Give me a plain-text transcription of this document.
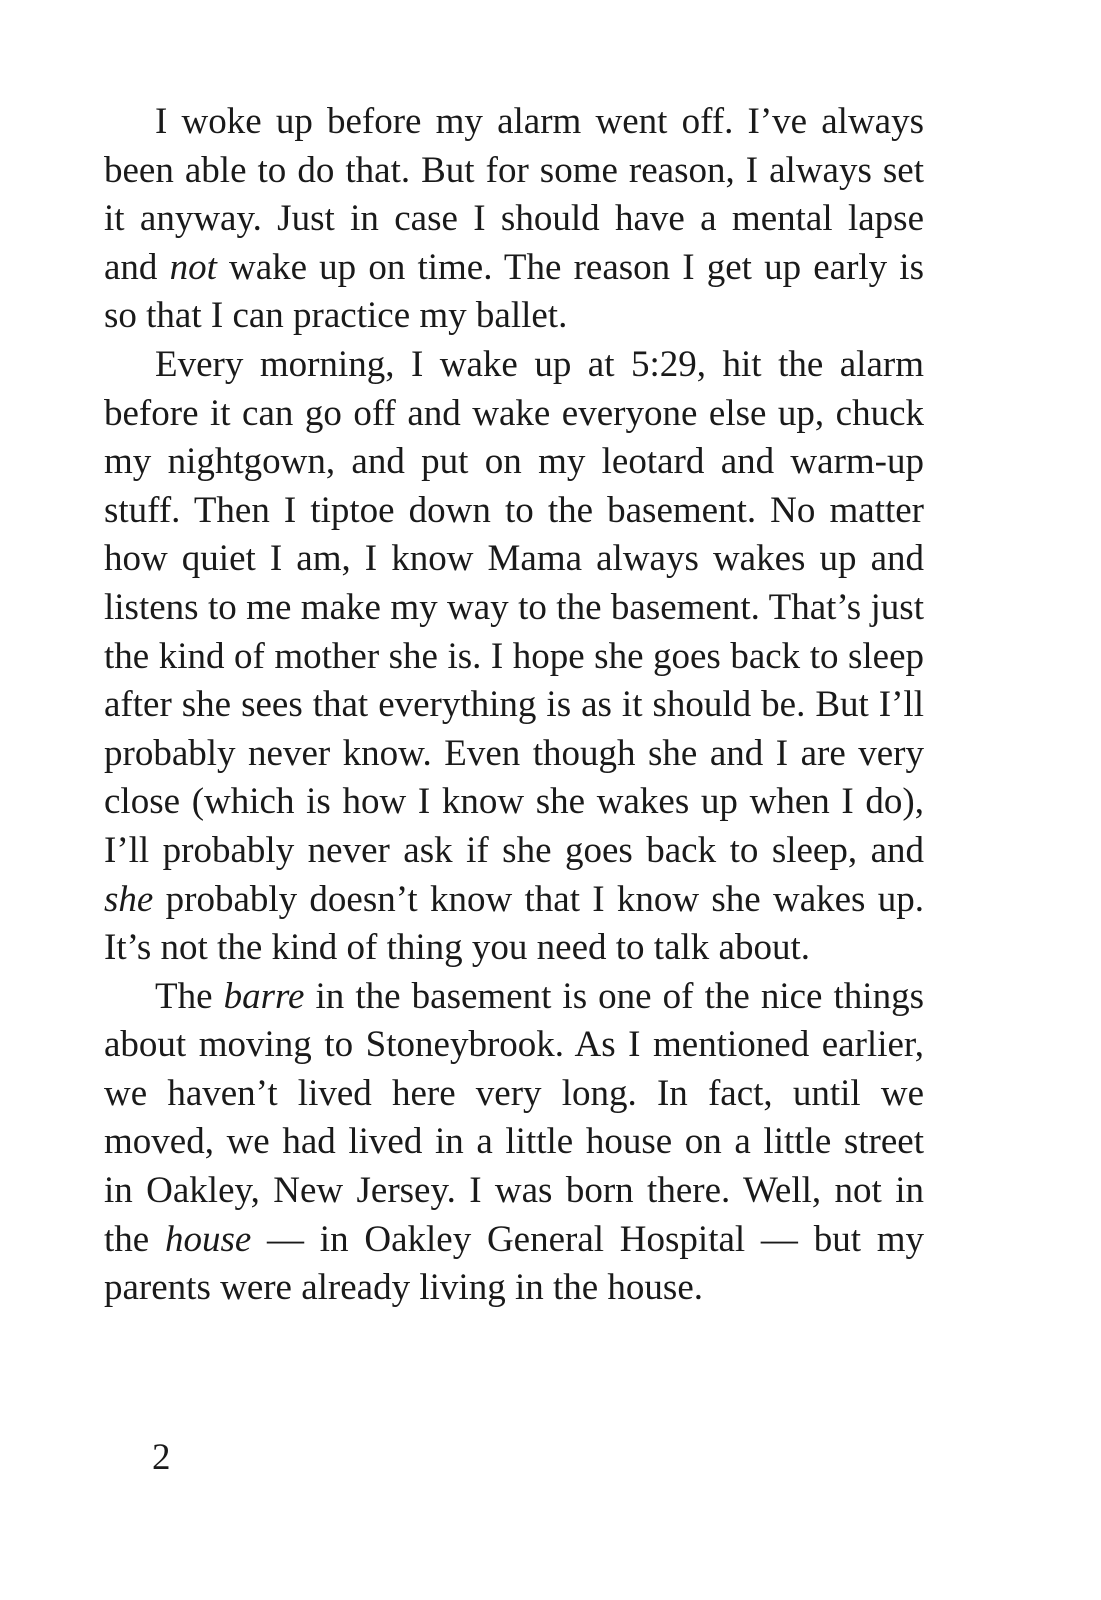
I woke up before my alarm went off. I’ve always been able to do that. But for some reason, I always set it anyway. Just in case I should have a mental lapse and not wake up on time. The reason I get up early is so that I can practice my ballet.

Every morning, I wake up at 5:29, hit the alarm before it can go off and wake everyone else up, chuck my nightgown, and put on my leotard and warm-up stuff. Then I tiptoe down to the basement. No matter how quiet I am, I know Mama always wakes up and listens to me make my way to the basement. That’s just the kind of mother she is. I hope she goes back to sleep after she sees that everything is as it should be. But I’ll probably never know. Even though she and I are very close (which is how I know she wakes up when I do), I’ll probably never ask if she goes back to sleep, and she probably doesn’t know that I know she wakes up. It’s not the kind of thing you need to talk about.

The barre in the basement is one of the nice things about moving to Stoneybrook. As I mentioned earlier, we haven’t lived here very long. In fact, until we moved, we had lived in a little house on a little street in Oakley, New Jersey. I was born there. Well, not in the house — in Oakley General Hospital — but my parents were already living in the house.

2
